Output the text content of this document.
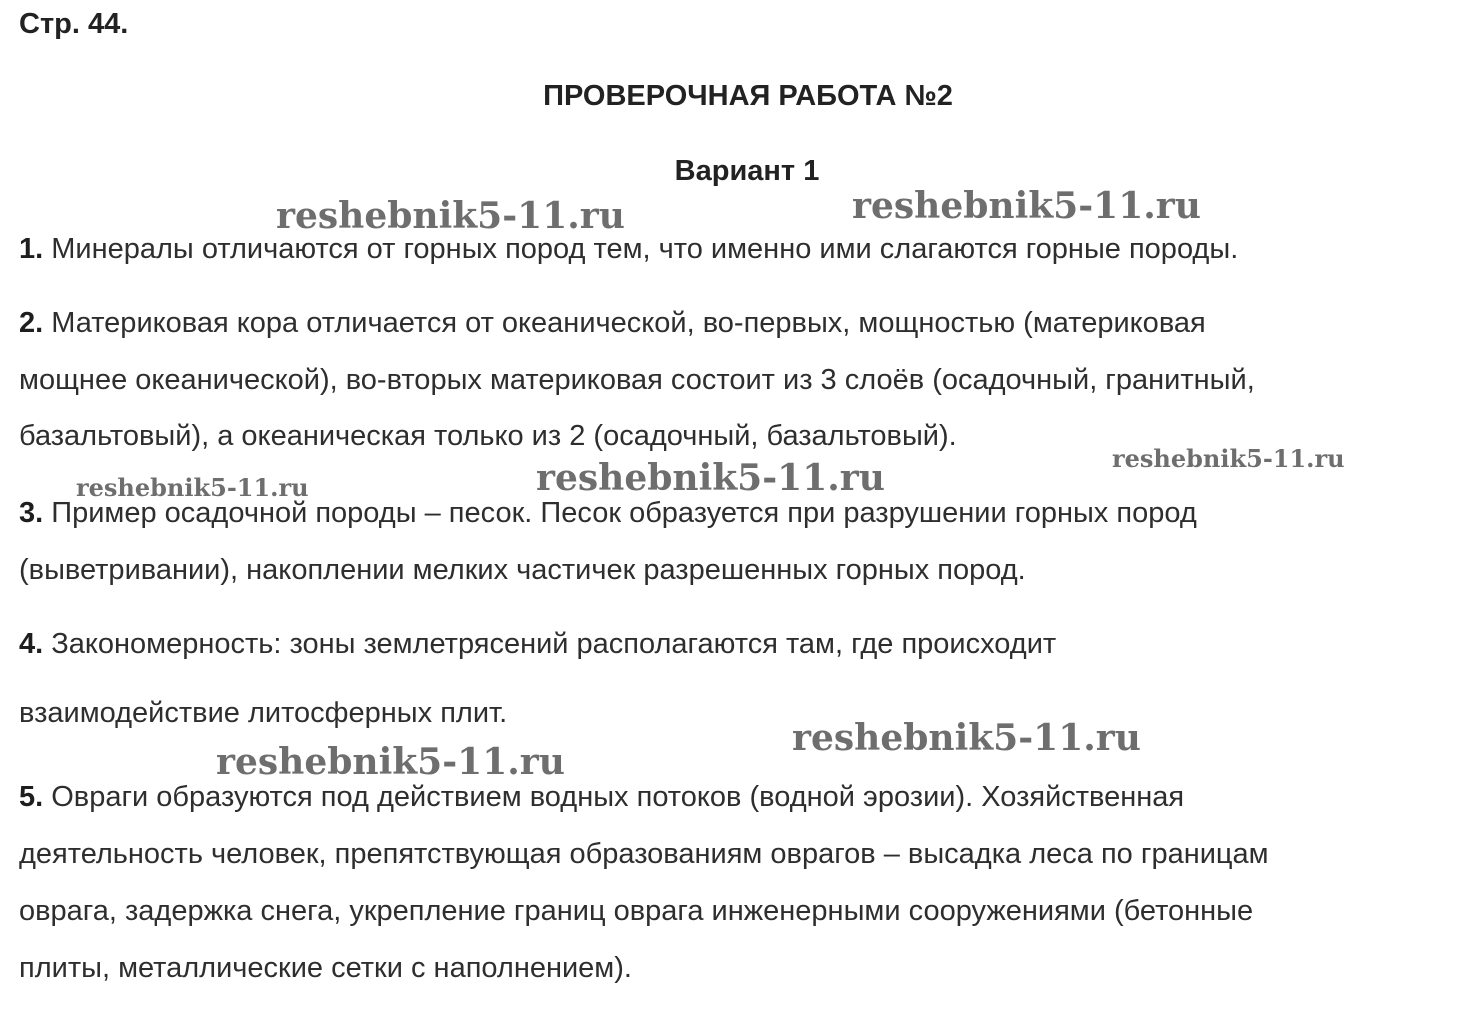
Стр. 44.
ПРОВЕРОЧНАЯ РАБОТА №2
Вариант 1
1. Минералы отличаются от горных пород тем, что именно ими слагаются горные породы.
2. Материковая кора отличается от океанической, во-первых, мощностью (материковая
мощнее океанической), во-вторых материковая состоит из 3 слоёв (осадочный, гранитный,
базальтовый), а океаническая только из 2 (осадочный, базальтовый).
3. Пример осадочной породы – песок. Песок образуется при разрушении горных пород
(выветривании), накоплении мелких частичек разрешенных горных пород.
4. Закономерность: зоны землетрясений располагаются там, где происходит
взаимодействие литосферных плит.
5. Овраги образуются под действием водных потоков (водной эрозии). Хозяйственная
деятельность человек, препятствующая образованиям оврагов – высадка леса по границам
оврага, задержка снега, укрепление границ оврага инженерными сооружениями (бетонные
плиты, металлические сетки с наполнением).
reshebnik5-11.ru	reshebnik5-11.ru
reshebnik5-11.ru
reshebnik5-11.ru	reshebnik5-11.ru
reshebnik5-11.ru
reshebnik5-11.ru
